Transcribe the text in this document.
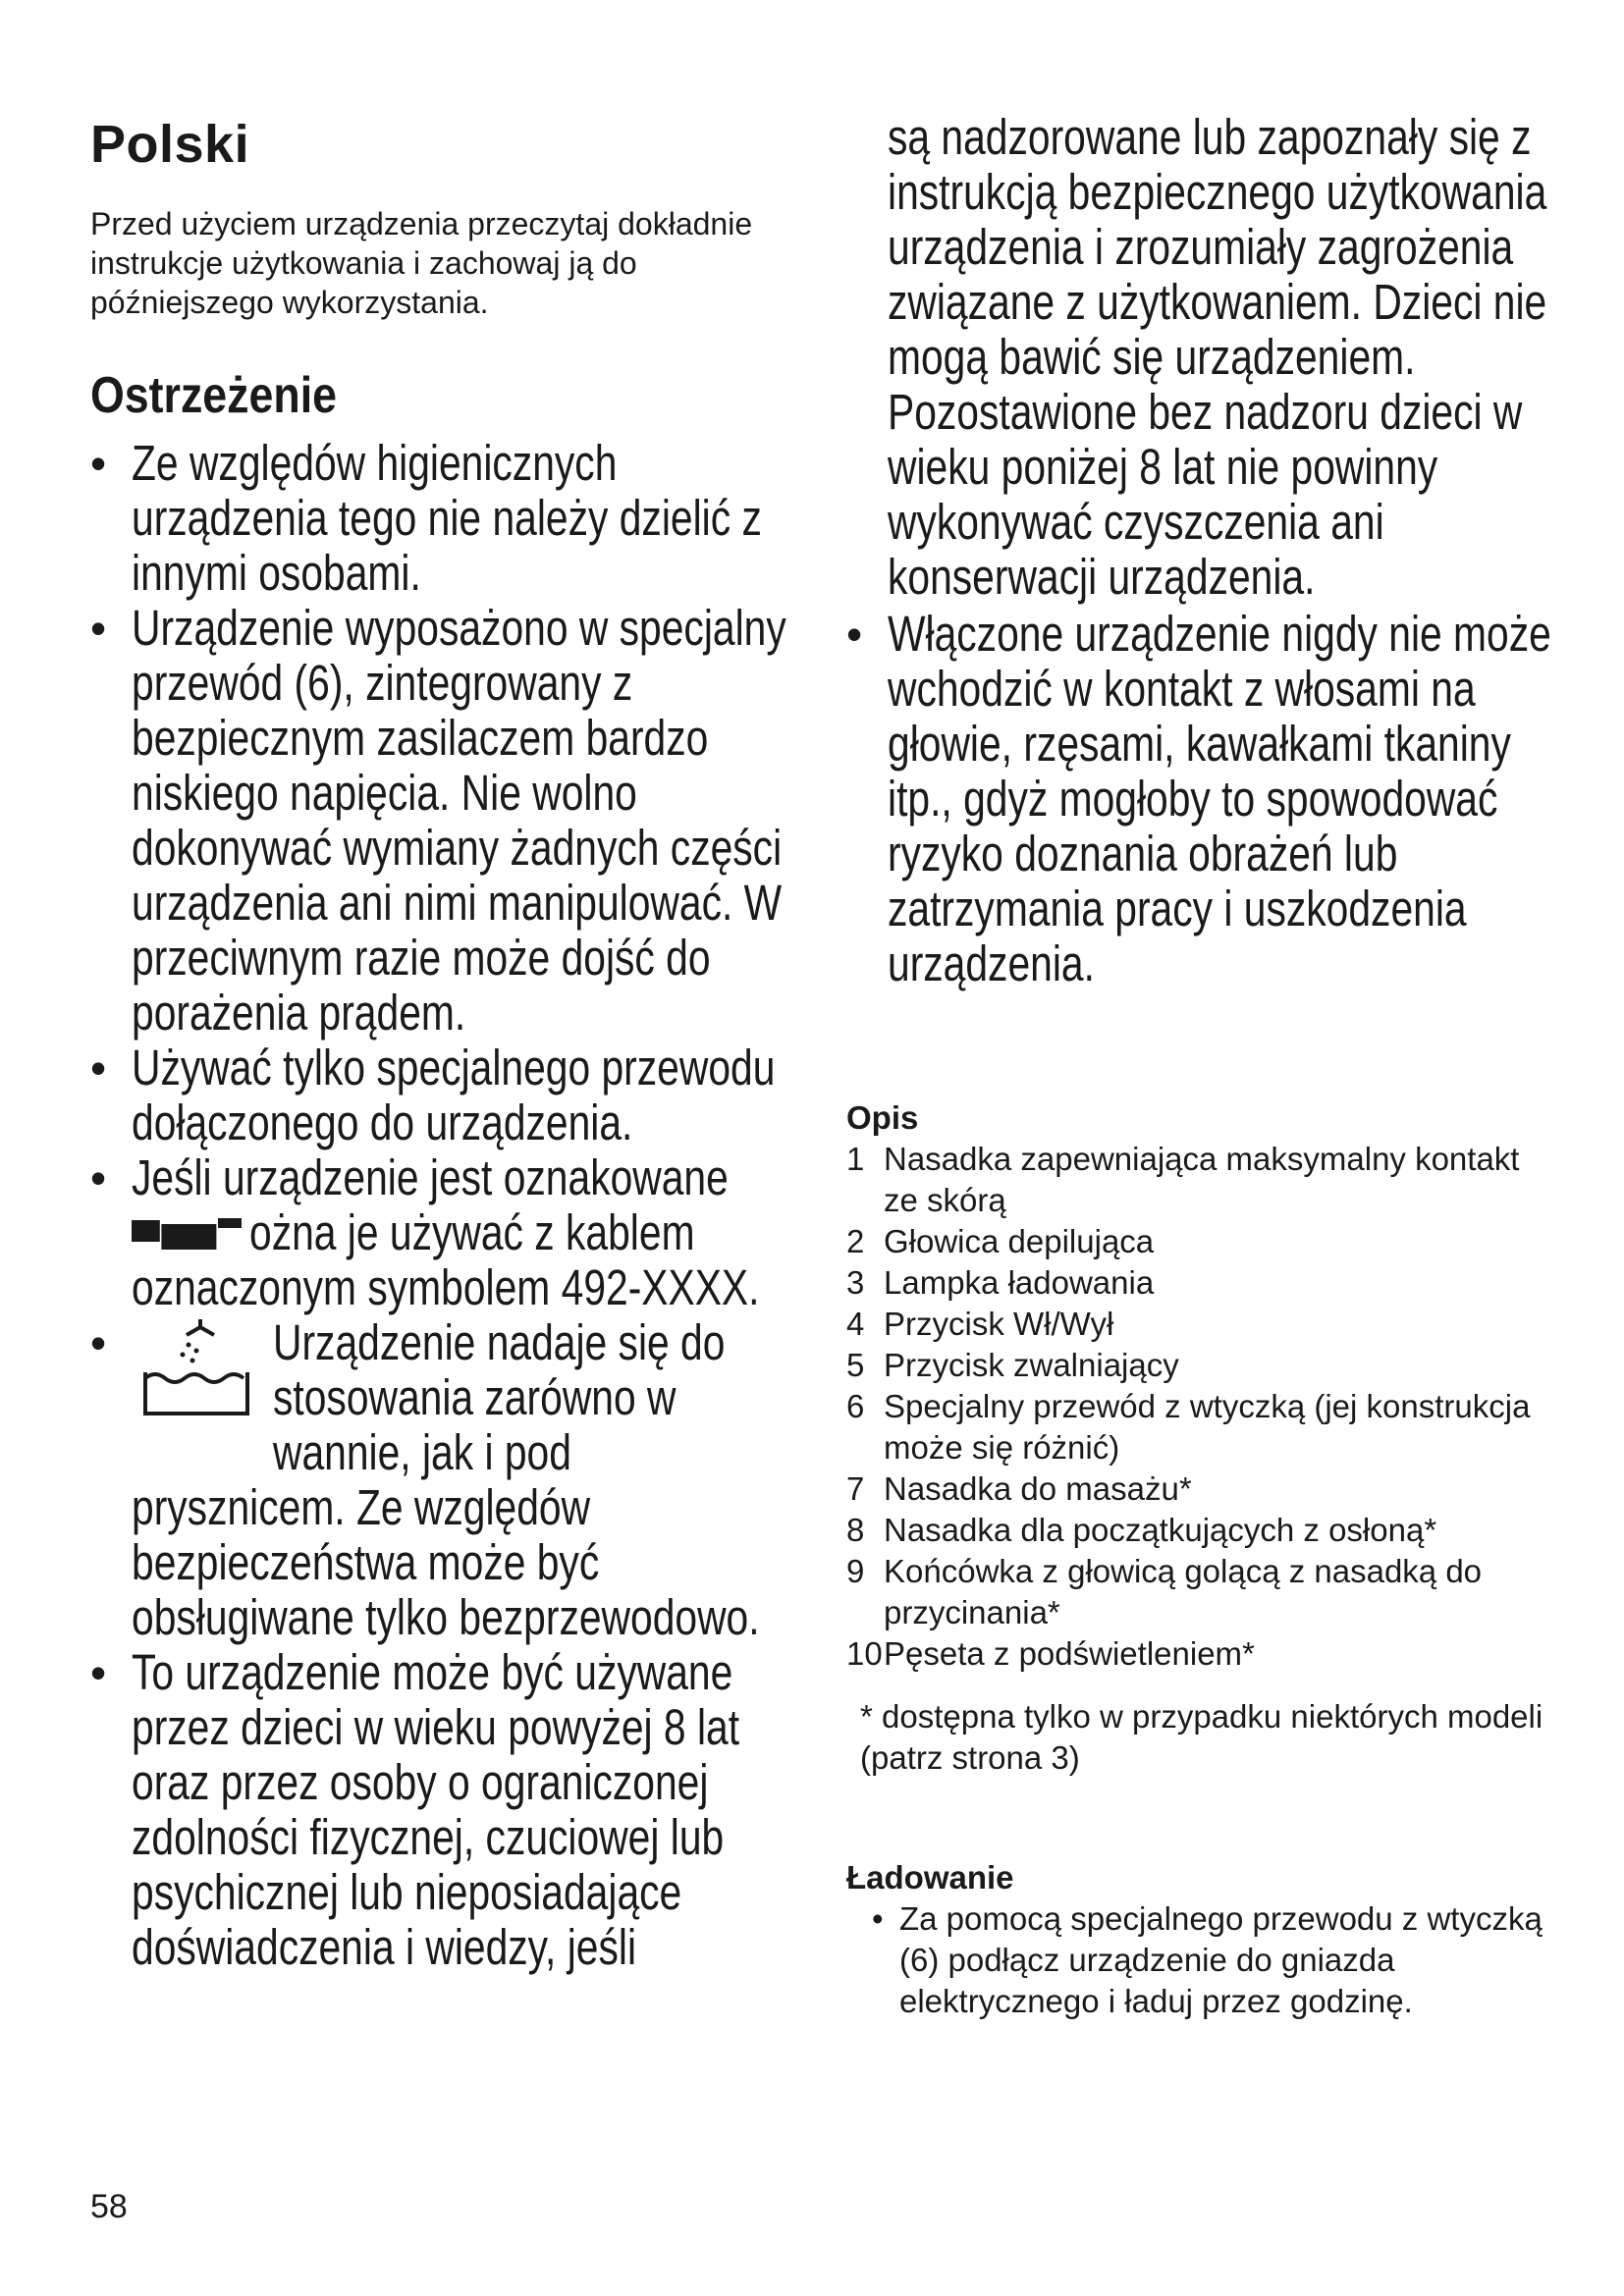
Polski

Przed użyciem urządzenia przeczytaj dokładnie instrukcje użytkowania i zachowaj ją do późniejszego wykorzystania.

Ostrzeżenie
• Ze względów higienicznych urządzenia tego nie należy dzielić z innymi osobami.
• Urządzenie wyposażono w specjalny przewód (6), zintegrowany z bezpiecznym zasilaczem bardzo niskiego napięcia. Nie wolno dokonywać wymiany żadnych części urządzenia ani nimi manipulować. W przeciwnym razie może dojść do porażenia prądem.
• Używać tylko specjalnego przewodu dołączonego do urządzenia.
• Jeśli urządzenie jest oznakowane
ożna je używać z kablem oznaczonym symbolem 492-XXXX.
•
	Urządzenie nadaje się do stosowania zarówno w wannie, jak i pod

prysznicem. Ze względów bezpieczeństwa może być obsługiwane tylko bezprzewodowo.

• To urządzenie może być używane przez dzieci w wieku powyżej 8 lat oraz przez osoby o ograniczonej zdolności fizycznej, czuciowej lub psychicznej lub nieposiadające doświadczenia i wiedzy, jeśli

są nadzorowane lub zapoznały się z instrukcją bezpiecznego użytkowania urządzenia i zrozumiały zagrożenia związane z użytkowaniem. Dzieci nie mogą bawić się urządzeniem. Pozostawione bez nadzoru dzieci w wieku poniżej 8 lat nie powinny wykonywać czyszczenia ani konserwacji urządzenia.

• Włączone urządzenie nigdy nie może wchodzić w kontakt z włosami na głowie, rzęsami, kawałkami tkaniny itp., gdyż mogłoby to spowodować ryzyko doznania obrażeń lub zatrzymania pracy i uszkodzenia urządzenia.
Opis
1 Nasadka zapewniająca maksymalny kontakt ze skórą
2 Głowica depilująca
3 Lampka ładowania
4 Przycisk Wł/Wył
5 Przycisk zwalniający
6 Specjalny przewód z wtyczką (jej konstrukcja może się różnić)
7 Nasadka do masażu*
8 Nasadka dla początkujących z osłoną*
9 Końcówka z głowicą golącą z nasadką do przycinania*
10 Pęseta z podświetleniem*

* dostępna tylko w przypadku niektórych modeli (patrz strona 3)

Ładowanie
• Za pomocą specjalnego przewodu z wtyczką (6) podłącz urządzenie do gniazda elektrycznego i ładuj przez godzinę.
58
